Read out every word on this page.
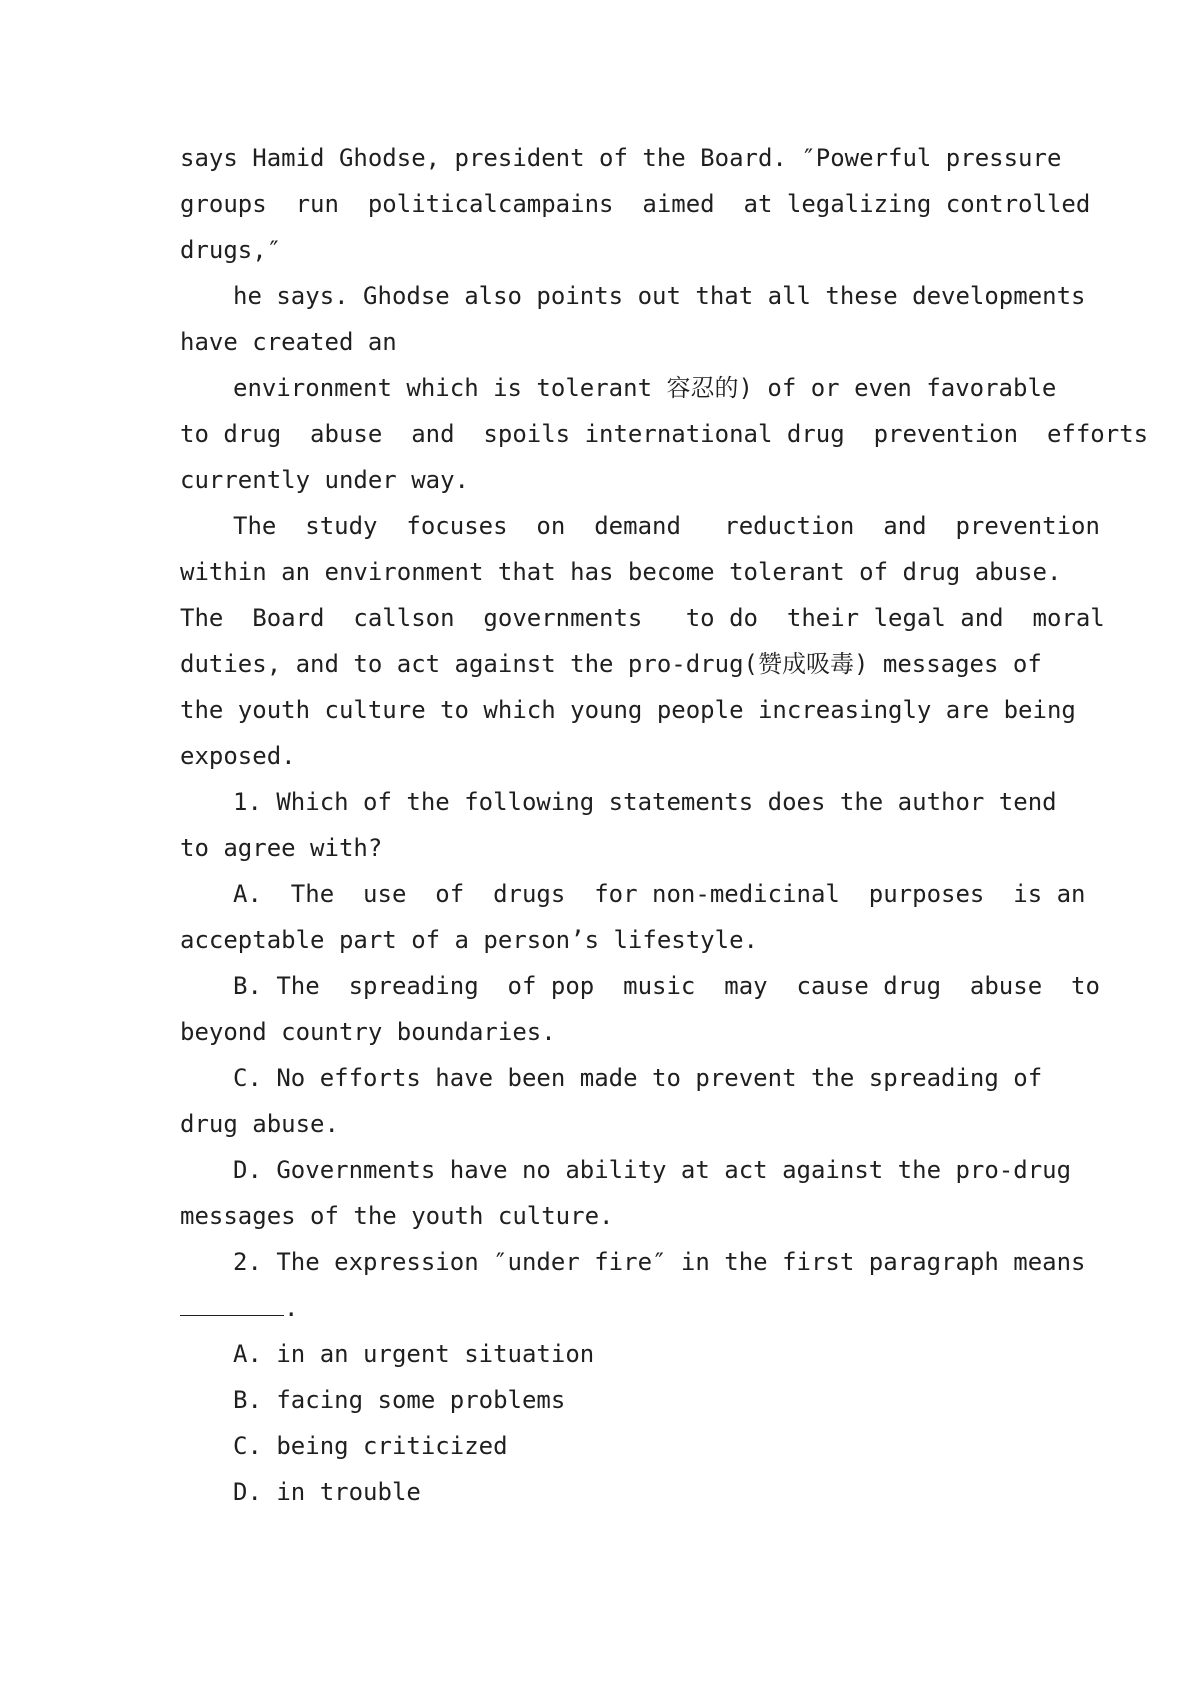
says Hamid Ghodse, president of the Board. ″Powerful pressure
groups  run  politicalcampains  aimed  at legalizing controlled
drugs,″
he says. Ghodse also points out that all these developments
have created an
environment which is tolerant 容忍的) of or even favorable
to drug  abuse  and  spoils international drug  prevention  efforts
currently under way.
The  study  focuses  on  demand   reduction  and  prevention
within an environment that has become tolerant of drug abuse.
The  Board  callson  governments   to do  their legal and  moral
duties, and to act against the pro-drug(赞成吸毒) messages of
the youth culture to which young people increasingly are being
exposed.
1. Which of the following statements does the author tend
to agree with?
A.  The  use  of  drugs  for non-medicinal  purposes  is an
acceptable part of a person’s lifestyle.
B. The  spreading  of pop  music  may  cause drug  abuse  to
beyond country boundaries.
C. No efforts have been made to prevent the spreading of
drug abuse.
D. Governments have no ability at act against the pro-drug
messages of the youth culture.
2. The expression ″under fire″ in the first paragraph means
.
A. in an urgent situation
B. facing some problems
C. being criticized
D. in trouble
